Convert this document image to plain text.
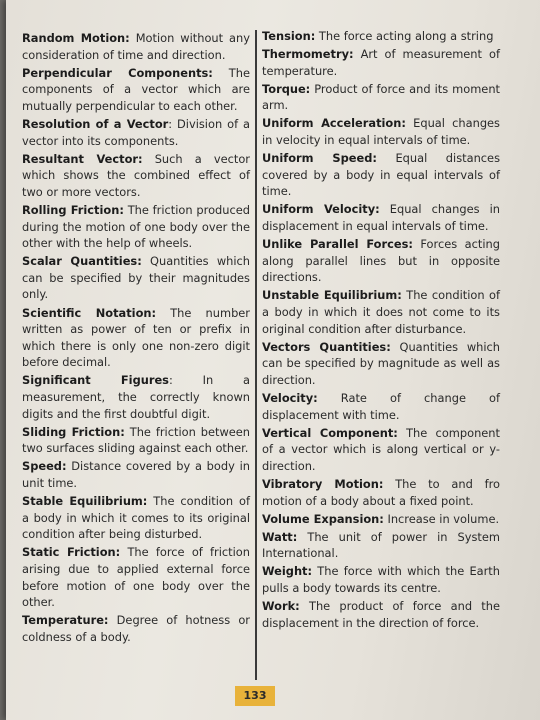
Random Motion: Motion without any consideration of time and direction.

Perpendicular Components: The components of a vector which are mutually perpendicular to each other.

Resolution of a Vector: Division of a vector into its components.

Resultant Vector: Such a vector which shows the combined effect of two or more vectors.

Rolling Friction: The friction produced during the motion of one body over the other with the help of wheels.

Scalar Quantities: Quantities which can be specified by their magnitudes only.

Scientific Notation: The number written as power of ten or prefix in which there is only one non-zero digit before decimal.

Significant Figures: In a measurement, the correctly known digits and the first doubtful digit.

Sliding Friction: The friction between two surfaces sliding against each other.

Speed: Distance covered by a body in unit time.

Stable Equilibrium: The condition of a body in which it comes to its original condition after being disturbed.

Static Friction: The force of friction arising due to applied external force before motion of one body over the other.

Temperature: Degree of hotness or coldness of a body.

Tension: The force acting along a string

Thermometry: Art of measurement of temperature.

Torque: Product of force and its moment arm.

Uniform Acceleration: Equal changes in velocity in equal intervals of time.

Uniform Speed: Equal distances covered by a body in equal intervals of time.

Uniform Velocity: Equal changes in displacement in equal intervals of time.

Unlike Parallel Forces: Forces acting along parallel lines but in opposite directions.

Unstable Equilibrium: The condition of a body in which it does not come to its original condition after disturbance.

Vectors Quantities: Quantities which can be specified by magnitude as well as direction.

Velocity: Rate of change of displacement with time.

Vertical Component: The component of a vector which is along vertical or y-direction.

Vibratory Motion: The to and fro motion of a body about a fixed point.

Volume Expansion: Increase in volume.

Watt: The unit of power in System International.

Weight: The force with which the Earth pulls a body towards its centre.

Work: The product of force and the displacement in the direction of force.

133
